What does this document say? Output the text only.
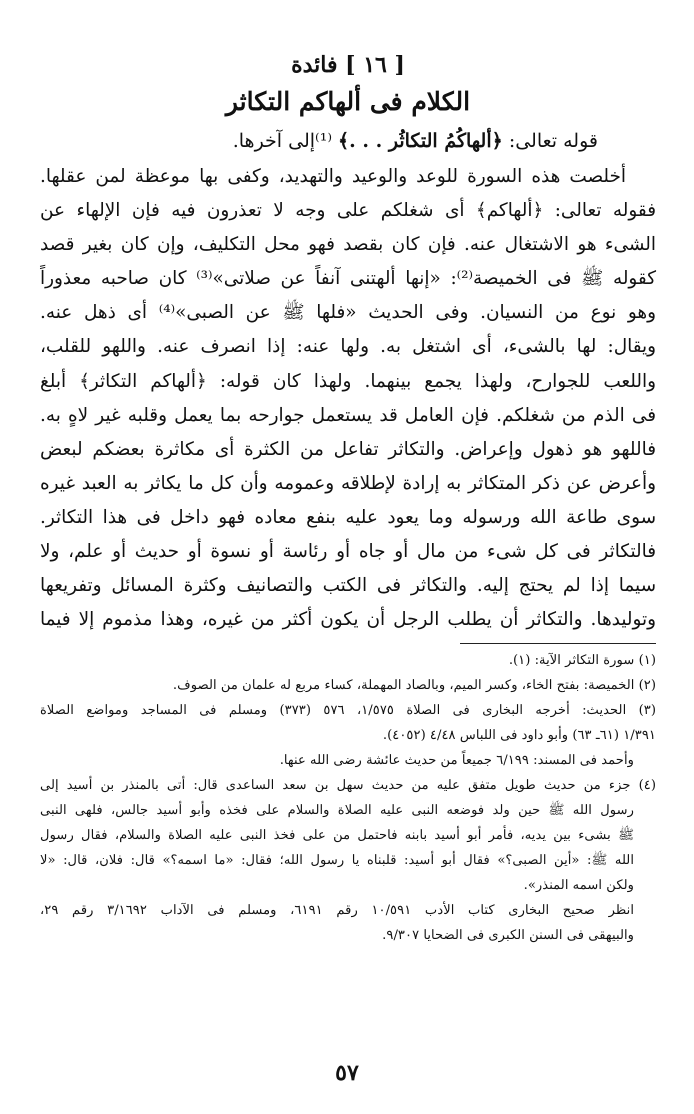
[ ١٦ ] فائدة
الكلام فى ألهاكم التكاثر
قوله تعالى: ﴿ألهاكُمُ التكاثُر . . .﴾ ⁽¹⁾إلى آخرها.
أخلصت هذه السورة للوعد والوعيد والتهديد، وكفى بها موعظة لمن عقلها.
فقوله تعالى: ﴿ألهاكم﴾ أى شغلكم على وجه لا تعذرون فيه فإن الإلهاء عن
الشىء هو الاشتغال عنه. فإن كان بقصد فهو محل التكليف، وإن كان بغير قصد
كقوله ﷺ فى الخميصة⁽²⁾: «إنها ألهتنى آنفاً عن صلاتى»⁽³⁾ كان صاحبه معذوراً
وهو نوع من النسيان. وفى الحديث «فلها ﷺ عن الصبى»⁽⁴⁾ أى ذهل عنه.
ويقال: لها بالشىء، أى اشتغل به. ولها عنه: إذا انصرف عنه. واللهو للقلب،
واللعب للجوارح، ولهذا يجمع بينهما. ولهذا كان قوله: ﴿ألهاكم التكاثر﴾ أبلغ
فى الذم من شغلكم. فإن العامل قد يستعمل جوارحه بما يعمل وقلبه غير لاهٍ به.
فاللهو هو ذهول وإعراض. والتكاثر تفاعل من الكثرة أى مكاثرة بعضكم لبعض
وأعرض عن ذكر المتكاثر به إرادة لإطلاقه وعمومه وأن كل ما يكاثر به العبد غيره
سوى طاعة الله ورسوله وما يعود عليه بنفع معاده فهو داخل فى هذا التكاثر.
فالتكاثر فى كل شىء من مال أو جاه أو رئاسة أو نسوة أو حديث أو علم، ولا
سيما إذا لم يحتج إليه. والتكاثر فى الكتب والتصانيف وكثرة المسائل وتفريعها
وتوليدها. والتكاثر أن يطلب الرجل أن يكون أكثر من غيره، وهذا مذموم إلا فيما
(١) سورة التكاثر الآية: (١).
(٢) الخميصة: بفتح الخاء، وكسر الميم، وبالصاد المهملة، كساء مربع له علمان من الصوف.
(٣) الحديث: أخرجه البخارى فى الصلاة ١/٥٧٥، ٥٧٦ (٣٧٣) ومسلم فى المساجد ومواضع الصلاة
١/٣٩١ (٦١ـ ٦٣) وأبو داود فى اللباس ٤/٤٨ (٤٠٥٢).
وأحمد فى المسند: ٦/١٩٩ جميعاً من حديث عائشة رضى الله عنها.
(٤) جزء من حديث طويل متفق عليه من حديث سهل بن سعد الساعدى قال: أتى بالمنذر بن أسيد إلى
رسول الله ﷺ حين ولد فوضعه النبى عليه الصلاة والسلام على فخذه وأبو أسيد جالس، فلهى النبى
ﷺ بشىء بين يديه، فأمر أبو أسيد بابنه فاحتمل من على فخذ النبى عليه الصلاة والسلام، فقال رسول
الله ﷺ: «أين الصبى؟» فقال أبو أسيد: قلبناه يا رسول الله؛ فقال: «ما اسمه؟» قال: فلان، قال: «لا
ولكن اسمه المنذر».
انظر صحيح البخارى كتاب الأدب ١٠/٥٩١ رقم ٦١٩١، ومسلم فى الآداب ٣/١٦٩٢ رقم ٢٩،
والبيهقى فى السنن الكبرى فى الضحايا ٩/٣٠٧.
٥٧
